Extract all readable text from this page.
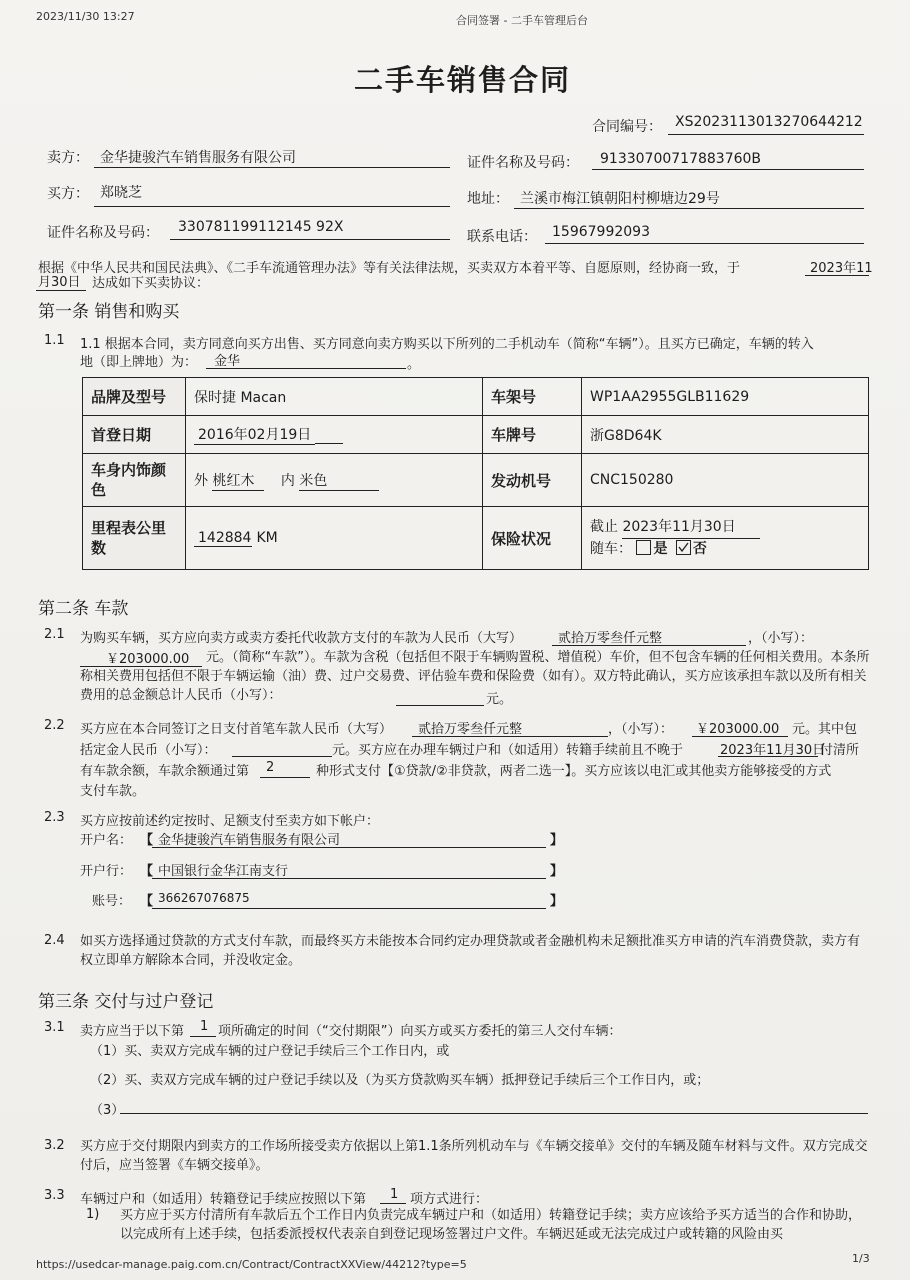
2023/11/30 13:27	合同签署 - 二手车管理后台
二手车销售合同
合同编号： XS2023113013270644212
卖方： 金华捷骏汽车销售服务有限公司	证件名称及号码： 91330700717883760B
买方： 郑晓芝	地址： 兰溪市梅江镇朝阳村柳塘边29号
证件名称及号码： 330781199112145 92X
联系电话： 15967992093
根据《中华人民共和国民法典》、《二手车流通管理办法》等有关法律法规，买卖双方本着平等、自愿原则，经协商一致，于	2023年11
月30日 达成如下买卖协议：
第一条 销售和购买
1.1 1.1 根据本合同，卖方同意向买方出售、买方同意向卖方购买以下所列的二手机动车（简称“车辆”）。且买方已确定，车辆的转入
地（即上牌地）为： 金华	。
品牌及型号	保时捷 Macan	车架号	WP1AA2955GLB11629
首登日期	2016年02月19日	车牌号	浙G8D64K
车身内饰颜色	外 桃红木 内 米色	发动机号	CNC150280
里程表公里数	142884 KM	保险状况	截止 2023年11月30日
随车： 是 否
第二条 车款
2.1 为购买车辆，买方应向卖方或卖方委托代收款方支付的车款为人民币（大写）	贰拾万零叁仟元整	，（小写）：
￥203000.00	元。（简称“车款”）。车款为含税（包括但不限于车辆购置税、增值税）车价，但不包含车辆的任何相关费用。本条所称相关费用包括但不限于车辆运输（油）费、过户交易费、评估验车费和保险费（如有）。双方特此确认，买方应该承担车款以及所有相关费用的总金额总计人民币（小写）：	元。
2.2 买方应在本合同签订之日支付首笔车款人民币（大写） 贰拾万零叁仟元整	，（小写）： ￥203000.00 元。其中包
括定金人民币（小写）：	元。买方应在办理车辆过户和（如适用）转籍手续前且不晚于	2023年11月30日
付清所
有车款余额，车款余额通过第 2	种形式支付【①贷款/②非贷款，两者二选一】。买方应该以电汇或其他卖方能够接受的方式
支付车款。
2.3 买方应按前述约定按时、足额支付至卖方如下帐户：
开户名： 【 金华捷骏汽车销售服务有限公司	】
开户行： 【 中国银行金华江南支行	】
账号： 【 366267076875	】
2.4 如买方选择通过贷款的方式支付车款，而最终买方未能按本合同约定办理贷款或者金融机构未足额批准买方申请的汽车消费贷款，卖方有权立即单方解除本合同，并没收定金。
第三条 交付与过户登记
3.1 卖方应当于以下第 1 项所确定的时间（“交付期限”）向买方或买方委托的第三人交付车辆：
（1）买、卖双方完成车辆的过户登记手续后三个工作日内，或
（2）买、卖双方完成车辆的过户登记手续以及（为买方贷款购买车辆）抵押登记手续后三个工作日内，或；
（3）
3.2 买方应于交付期限内到卖方的工作场所接受卖方依据以上第1.1条所列机动车与《车辆交接单》交付的车辆及随车材料与文件。双方完成交付后，应当签署《车辆交接单》。
3.3 车辆过户和（如适用）转籍登记手续应按照以下第 1 项方式进行：
1) 买方应于买方付清所有车款后五个工作日内负责完成车辆过户和（如适用）转籍登记手续；卖方应该给予买方适当的合作和协助，以完成所有上述手续，包括委派授权代表亲自到登记现场签署过户文件。车辆迟延或无法完成过户或转籍的风险由买
https://usedcar-manage.paig.com.cn/Contract/ContractXXView/44212?type=5	1/3
